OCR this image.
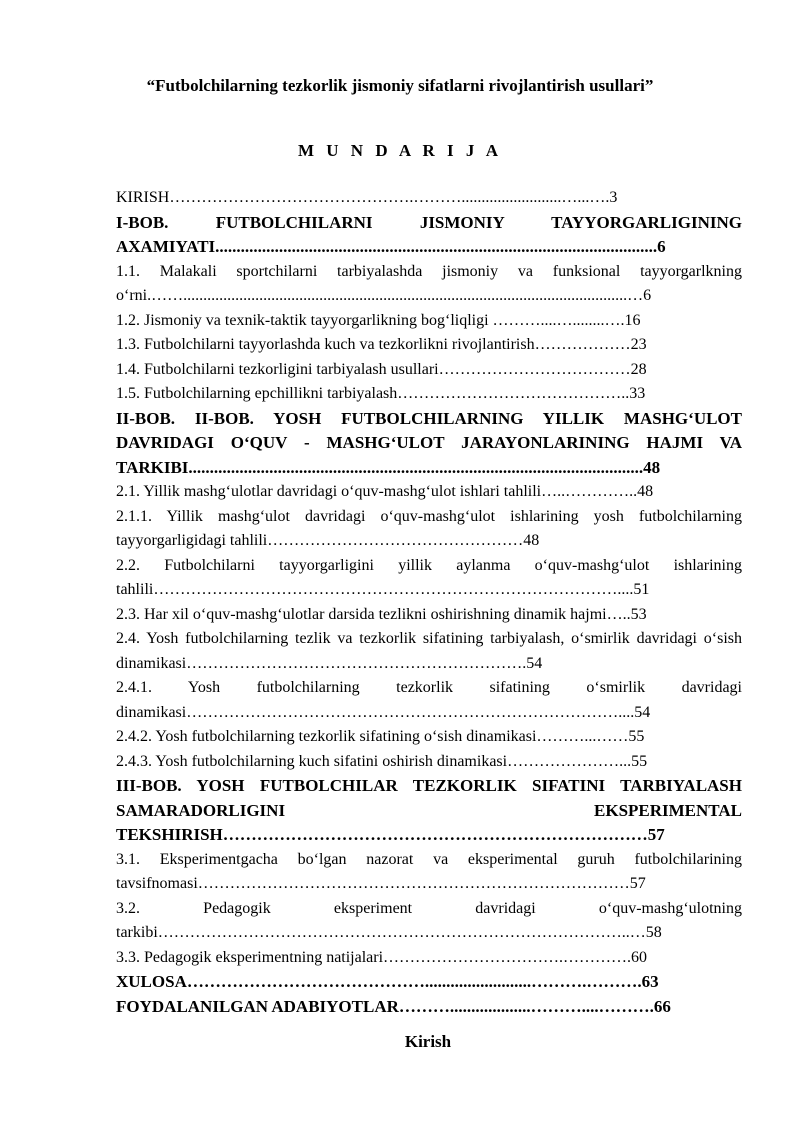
“Futbolchilarning tezkorlik jismoniy sifatlarni rivojlantirish usullari”
M U N D A R I J A
KIRISH……………………………………….……….........................…...….3
I-BOB. FUTBOLCHILARNI JISMONIY TAYYORGARLIGINING AXAMIYATI........................................................................................................6
1.1. Malakali sportchilarni tarbiyalashda jismoniy va funksional tayyorgarlkning o‘rni.……...............................................................................................................…6
1.2. Jismoniy va texnik-taktik tayyorgarlikning bog‘liqligi ………....…........….16
1.3. Futbolchilarni tayyorlashda kuch va tezkorlikni rivojlantirish………………23
1.4. Futbolchilarni tezkorligini tarbiyalash usullari………………………………28
1.5. Futbolchilarning epchillikni tarbiyalash……………………………………..33
II-BOB. II-BOB. YOSH FUTBOLCHILARNING YILLIK MASHG‘ULOT DAVRIDAGI O‘QUV - MASHG‘ULOT JARAYONLARINING HAJMI VA TARKIBI...........................................................................................................48
2.1. Yillik mashg‘ulotlar davridagi o‘quv-mashg‘ulot ishlari tahlili…..…………..48
2.1.1. Yillik mashg‘ulot davridagi o‘quv-mashg‘ulot ishlarining yosh futbolchilarning tayyorgarligidagi tahlili…………………………………………48
2.2. Futbolchilarni tayyorgarligini yillik aylanma o‘quv-mashg‘ulot ishlarining tahlili……………………………………………………………………………....51
2.3. Har xil o‘quv-mashg‘ulotlar darsida tezlikni oshirishning dinamik hajmi…..53
2.4. Yosh futbolchilarning tezlik va tezkorlik sifatining tarbiyalash, o‘smirlik davridagi o‘sish dinamikasi……………………………………………………….54
2.4.1. Yosh futbolchilarning tezkorlik sifatining o‘smirlik davridagi dinamikasi………………………………………………………………………....54
2.4.2. Yosh futbolchilarning tezkorlik sifatining o‘sish dinamikasi………...……55
2.4.3. Yosh futbolchilarning kuch sifatini oshirish dinamikasi…………………...55
III-BOB. YOSH FUTBOLCHILAR TEZKORLIK SIFATINI TARBIYALASH SAMARADORLIGINI EKSPERIMENTAL TEKSHIRISH…………………………………………………………………57
3.1. Eksperimentgacha bo‘lgan nazorat va eksperimental guruh futbolchilarining tavsifnomasi………………………………………………………………………57
3.2. Pedagogik eksperiment davridagi o‘quv-mashg‘ulotning tarkibi……………………………………………………………………………..…58
3.3. Pedagogik eksperimentning natijalari…………………………….………….60
XULOSA…………………………………….........................……….……….63
FOYDALANILGAN ADABIYOTLAR………...................………....……….66
Kirish
